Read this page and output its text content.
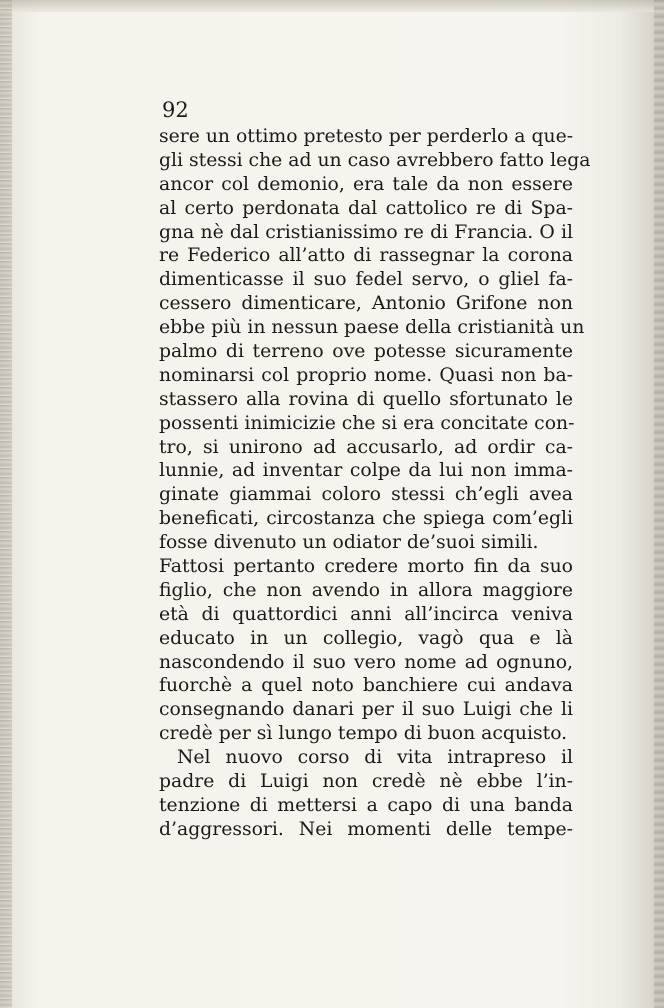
92

sere un ottimo pretesto per perderlo a que-
gli stessi che ad un caso avrebbero fatto lega
ancor col demonio, era tale da non essere
al certo perdonata dal cattolico re di Spa-
gna nè dal cristianissimo re di Francia. O il
re Federico all’atto di rassegnar la corona
dimenticasse il suo fedel servo, o gliel fa-
cessero dimenticare, Antonio Grifone non
ebbe più in nessun paese della cristianità un
palmo di terreno ove potesse sicuramente
nominarsi col proprio nome. Quasi non ba-
stassero alla rovina di quello sfortunato le
possenti inimicizie che si era concitate con-
tro, si unirono ad accusarlo, ad ordir ca-
lunnie, ad inventar colpe da lui non imma-
ginate giammai coloro stessi ch’egli avea
beneficati, circostanza che spiega com’egli
fosse divenuto un odiator de’suoi simili.
Fattosi pertanto credere morto fin da suo
figlio, che non avendo in allora maggiore
età di quattordici anni all’incirca veniva
educato in un collegio, vagò qua e là
nascondendo il suo vero nome ad ognuno,
fuorchè a quel noto banchiere cui andava
consegnando danari per il suo Luigi che li
credè per sì lungo tempo di buon acquisto.
Nel nuovo corso di vita intrapreso il
padre di Luigi non credè nè ebbe l’in-
tenzione di mettersi a capo di una banda
d’aggressori. Nei momenti delle tempe-
